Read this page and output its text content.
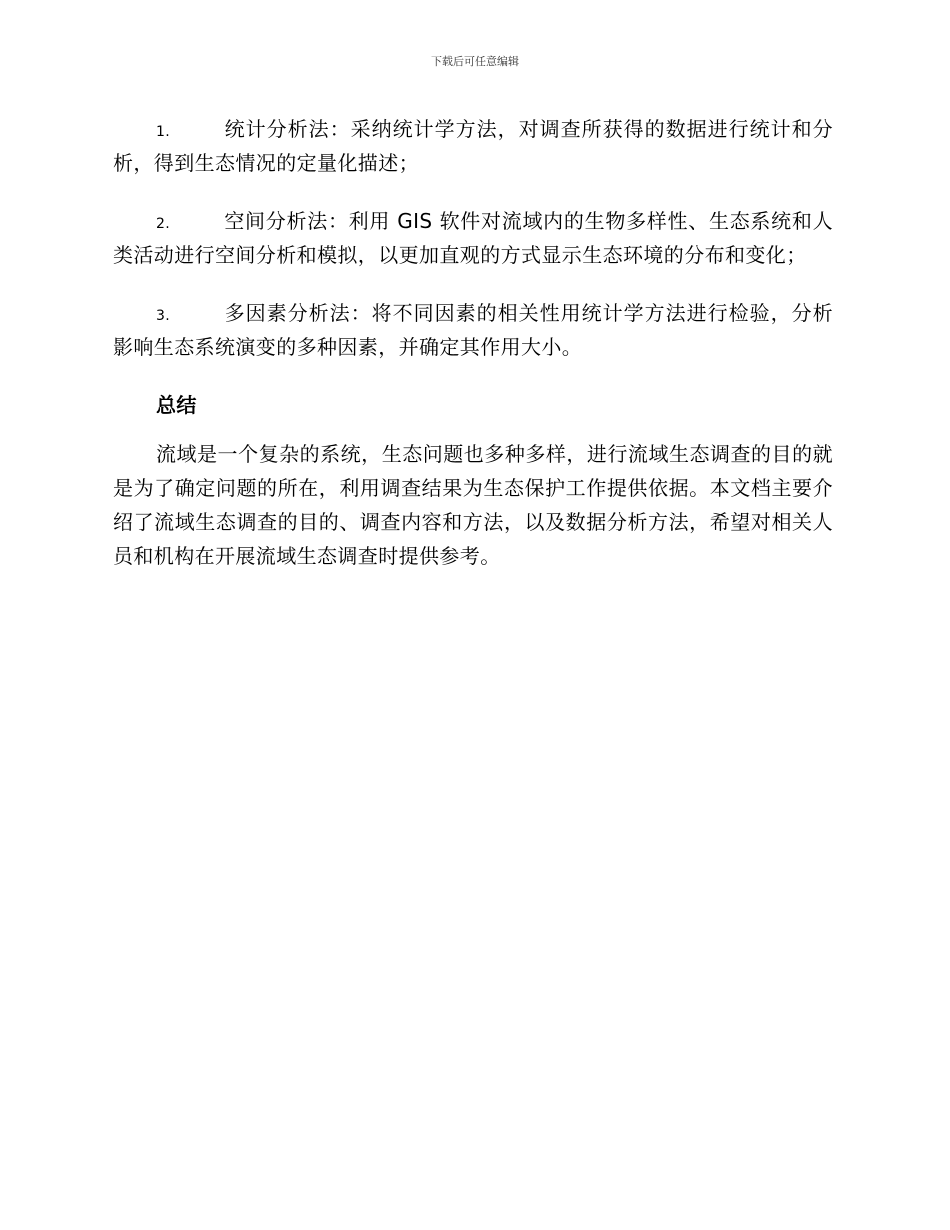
下载后可任意编辑

1.	统计分析法：采纳统计学方法，对调查所获得的数据进行统计和分析，得到生态情况的定量化描述；

2.	空间分析法：利用 GIS 软件对流域内的生物多样性、生态系统和人类活动进行空间分析和模拟，以更加直观的方式显示生态环境的分布和变化；

3.	多因素分析法：将不同因素的相关性用统计学方法进行检验，分析影响生态系统演变的多种因素，并确定其作用大小。

总结

流域是一个复杂的系统，生态问题也多种多样，进行流域生态调查的目的就是为了确定问题的所在，利用调查结果为生态保护工作提供依据。本文档主要介绍了流域生态调查的目的、调查内容和方法，以及数据分析方法，希望对相关人员和机构在开展流域生态调查时提供参考。
